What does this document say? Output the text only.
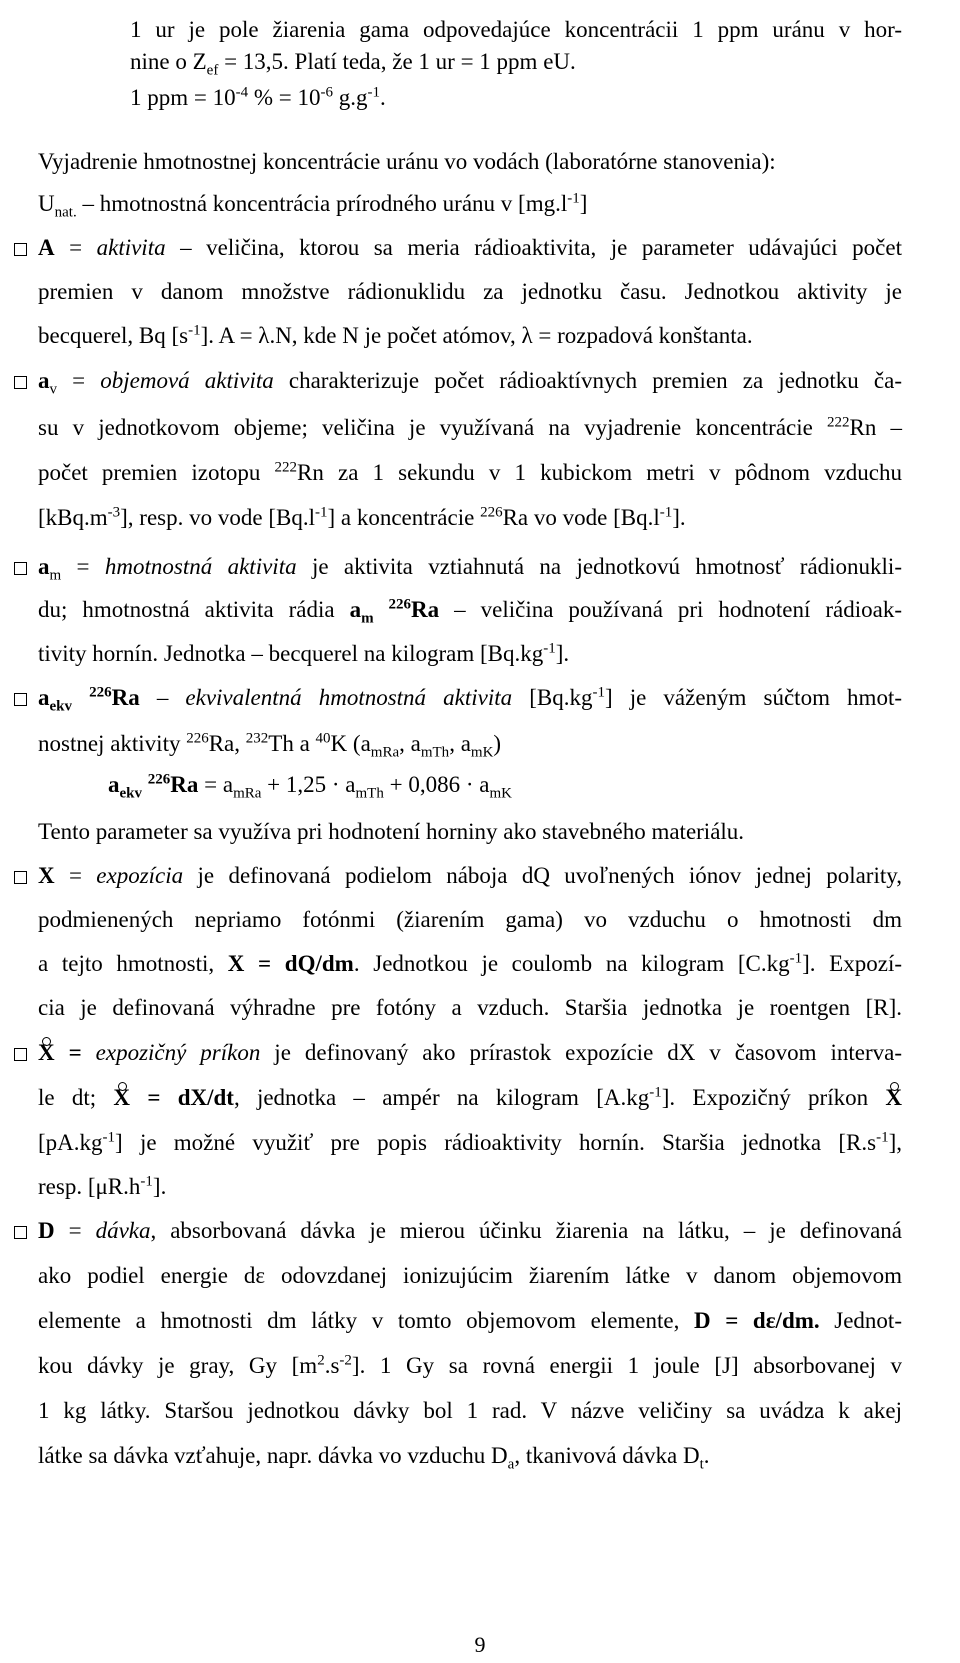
1 ur je pole žiarenia gama odpovedajúce koncentrácii 1 ppm uránu v hor-
nine o $Z_{ef} = 13,5$. Platí teda, že 1 ur = 1 ppm eU.
1 ppm = $10^{-4}$ % = $10^{-6}$ $g.g^{-1}$.
Vyjadrenie hmotnostnej koncentrácie uránu vo vodách (laboratórne stanovenia):
$U_{nat.}$ – hmotnostná koncentrácia prírodného uránu v $[mg.l^{-1}]$
A = aktivita – veličina, ktorou sa meria rádioaktivita, je parameter udávajúci počet
premien v danom množstve rádionuklidu za jednotku času. Jednotkou aktivity je
becquerel, Bq $[s^{-1}]$. A = λ.N, kde N je počet atómov, λ = rozpadová konštanta.
$a_v$ = objemová aktivita charakterizuje počet rádioaktívnych premien za jednotku ča-
su v jednotkovom objeme; veličina je využívaná na vyjadrenie koncentrácie $^{222}$Rn –
počet premien izotopu $^{222}$Rn za 1 sekundu v 1 kubickom metri v pôdnom vzduchu
$[kBq.m^{-3}]$, resp. vo vode $[Bq.l^{-1}]$ a koncentrácie $^{226}$Ra vo vode $[Bq.l^{-1}]$.
$a_m$ = hmotnostná aktivita je aktivita vztiahnutá na jednotkovú hmotnosť rádionukli-
du; hmotnostná aktivita rádia $a_m$ $^{226}$Ra – veličina používaná pri hodnotení rádioak-
tivity hornín. Jednotka – becquerel na kilogram $[Bq.kg^{-1}]$.
$a_{ekv}$ $^{226}$Ra – ekvivalentná hmotnostná aktivita $[Bq.kg^{-1}]$ je váženým súčtom hmot-
nostnej aktivity $^{226}$Ra, $^{232}$Th a $^{40}$K ($a_{mRa}$, $a_{mTh}$, $a_{mK}$)
$a_{ekv}$ $^{226}Ra = a_{mRa} + 1,25 \cdot a_{mTh} + 0,086 \cdot a_{mK}$
Tento parameter sa využíva pri hodnotení horniny ako stavebného materiálu.
X = expozícia je definovaná podielom náboja dQ uvoľnených iónov jednej polarity,
podmienených nepriamo fotónmi (žiarením gama) vo vzduchu o hmotnosti dm
a tejto hmotnosti, X = dQ/dm. Jednotkou je coulomb na kilogram $[C.kg^{-1}]$. Expozí-
cia je definovaná výhradne pre fotóny a vzduch. Staršia jednotka je roentgen [R].
X = expozičný príkon je definovaný ako prírastok expozície dX v časovom interva-
le dt; X = dX/dt, jednotka – ampér na kilogram $[A.kg^{-1}]$. Expozičný príkon X
$[pA.kg^{-1}]$ je možné využiť pre popis rádioaktivity hornín. Staršia jednotka $[R.s^{-1}]$,
resp. $[\mu R.h^{-1}]$.
D = dávka, absorbovaná dávka je mierou účinku žiarenia na látku, – je definovaná
ako podiel energie dε odovzdanej ionizujúcim žiarením látke v danom objemovom
elemente a hmotnosti dm látky v tomto objemovom elemente, D = dε/dm. Jednot-
kou dávky je gray, Gy $[m^2.s^{-2}]$. 1 Gy sa rovná energii 1 joule [J] absorbovanej v
1 kg látky. Staršou jednotkou dávky bol 1 rad. V názve veličiny sa uvádza k akej
látke sa dávka vzťahuje, napr. dávka vo vzduchu $D_a$, tkanivová dávka $D_t$.
9
